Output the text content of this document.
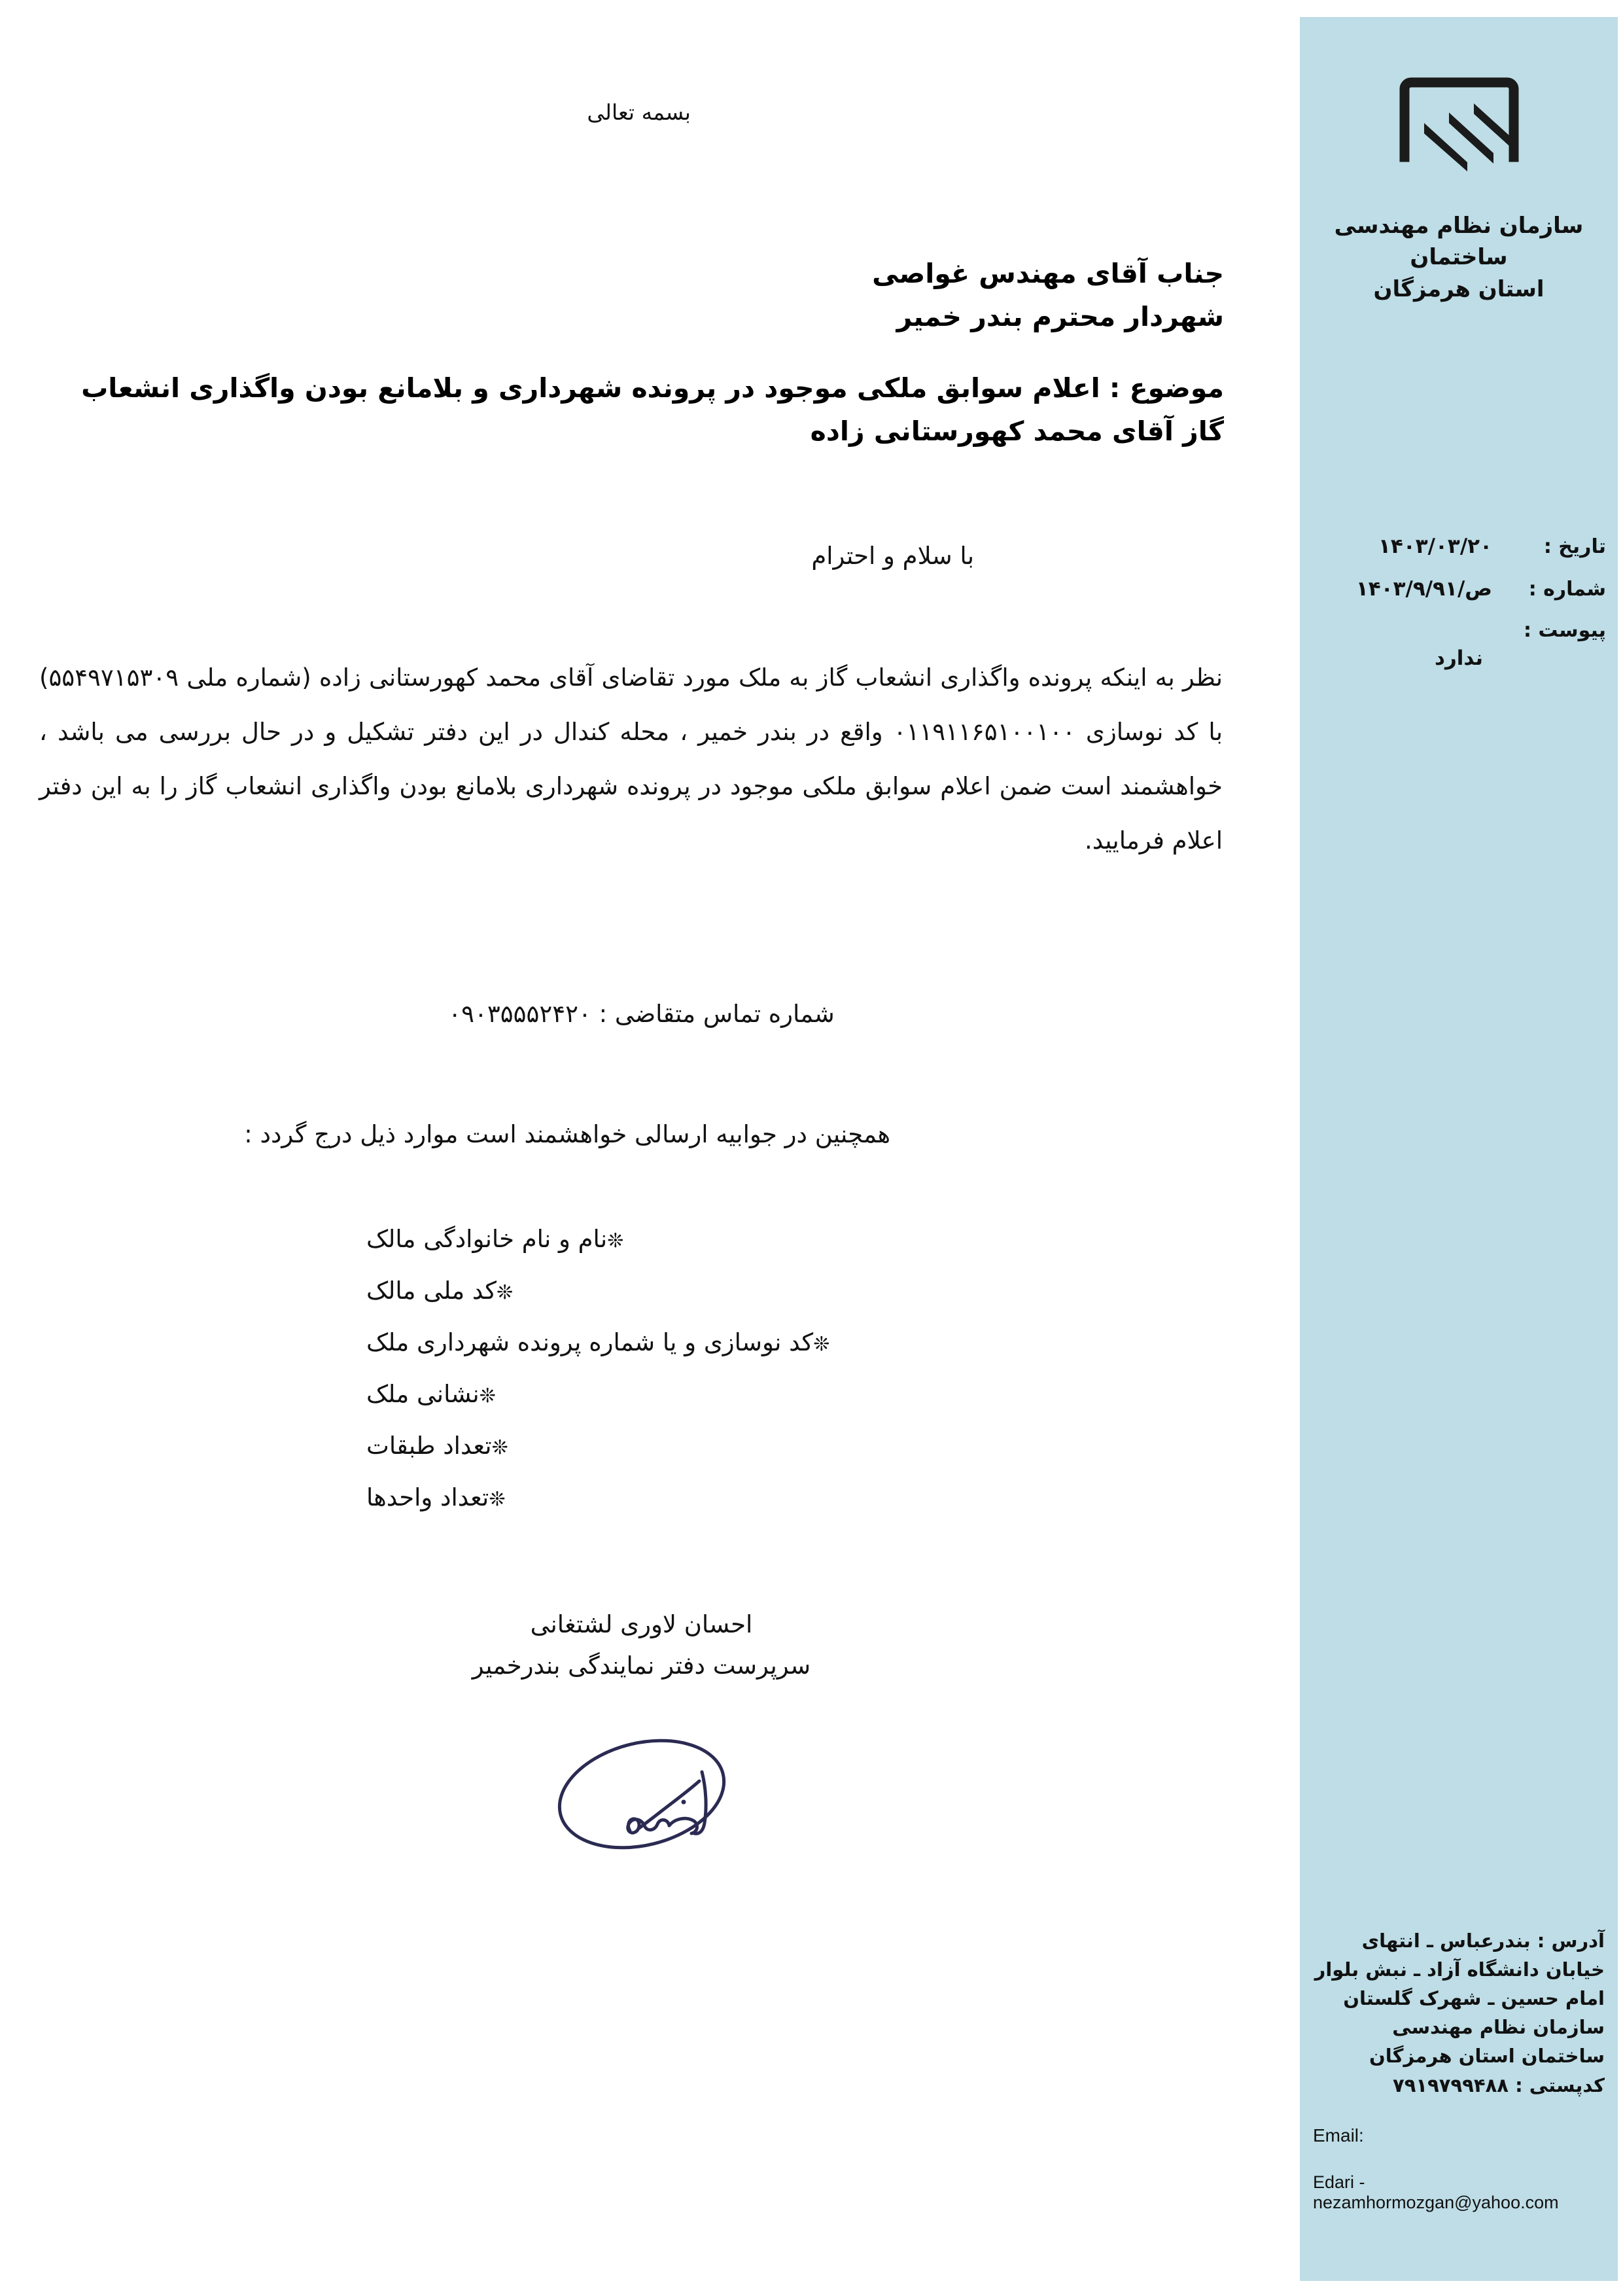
بسمه تعالی
جناب آقای مهندس غواصی
شهردار محترم بندر خمیر
موضوع : اعلام سوابق ملکی موجود در پرونده شهرداری و بلامانع بودن واگذاری انشعاب
گاز آقای محمد کهورستانی زاده
با سلام و احترام
نظر به اینکه پرونده واگذاری انشعاب گاز به ملک مورد تقاضای آقای محمد کهورستانی زاده (شماره ملی ۵۵۴۹۷۱۵۳۰۹) با کد نوسازی ۰۱۱۹۱۱۶۵۱۰۰۱۰۰ واقع در بندر خمیر ، محله کندال در این دفتر تشکیل و در حال بررسی می باشد ، خواهشمند است ضمن اعلام سوابق ملکی موجود در پرونده شهرداری بلامانع بودن واگذاری انشعاب گاز را به این دفتر اعلام فرمایید.
شماره تماس متقاضی : ۰۹۰۳۵۵۵۲۴۲۰
همچنین در جوابیه ارسالی خواهشمند است موارد ذیل درج گردد :
❊
نام و نام خانوادگی مالک
❊
کد ملی مالک
❊
کد نوسازی و یا شماره پرونده شهرداری ملک
❊
نشانی ملک
❊
تعداد طبقات
❊
تعداد واحدها
احسان لاوری لشتغانی
سرپرست دفتر نمایندگی بندرخمیر
سازمان نظام مهندسی ساختمان
استان هرمزگان
تاریخ :
۱۴۰۳/۰۳/۲۰
شماره :
ص/۱۴۰۳/۹/۹۱
پیوست :
ندارد
آدرس : بندرعباس ـ انتهای خیابان دانشگاه آزاد ـ نبش بلوار امام حسین ـ شهرک گلستان
سازمان نظام مهندسی ساختمان استان هرمزگان
کدپستی : ۷۹۱۹۷۹۹۴۸۸
Email:
Edari - nezamhormozgan@yahoo.com
